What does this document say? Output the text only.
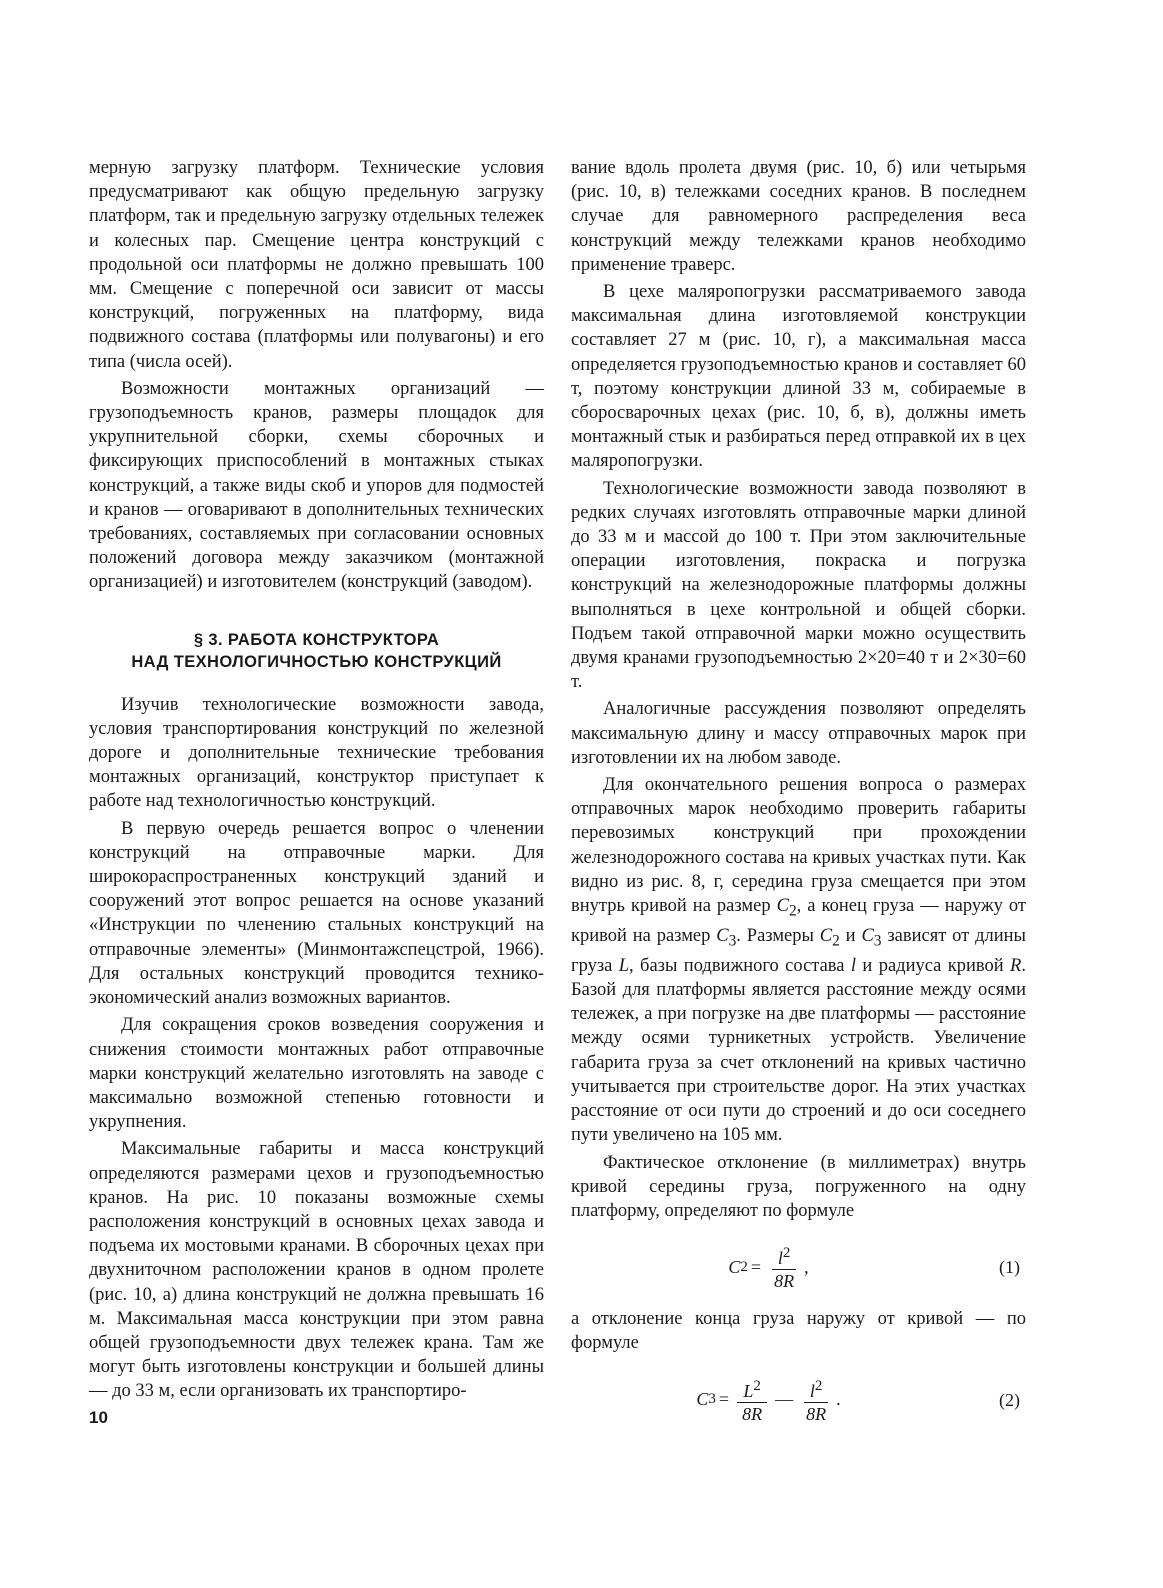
мерную загрузку платформ. Технические условия предусматривают как общую предельную загрузку платформ, так и предельную загрузку отдельных тележек и колесных пар. Смещение центра конструкций с продольной оси платформы не должно превышать 100 мм. Смещение с поперечной оси зависит от массы конструкций, погруженных на платформу, вида подвижного состава (платформы или полувагоны) и его типа (числа осей).

Возможности монтажных организаций — грузоподъемность кранов, размеры площадок для укрупнительной сборки, схемы сборочных и фиксирующих приспособлений в монтажных стыках конструкций, а также виды скоб и упоров для подмостей и кранов — оговаривают в дополнительных технических требованиях, составляемых при согласовании основных положений договора между заказчиком (монтажной организацией) и изготовителем (конструкций (заводом).

§ 3. РАБОТА КОНСТРУКТОРА
НАД ТЕХНОЛОГИЧНОСТЬЮ КОНСТРУКЦИЙ

Изучив технологические возможности завода, условия транспортирования конструкций по железной дороге и дополнительные технические требования монтажных организаций, конструктор приступает к работе над технологичностью конструкций.

В первую очередь решается вопрос о членении конструкций на отправочные марки. Для широкораспространенных конструкций зданий и сооружений этот вопрос решается на основе указаний «Инструкции по членению стальных конструкций на отправочные элементы» (Минмонтажспецстрой, 1966). Для остальных конструкций проводится технико-экономический анализ возможных вариантов.

Для сокращения сроков возведения сооружения и снижения стоимости монтажных работ отправочные марки конструкций желательно изготовлять на заводе с максимально возможной степенью готовности и укрупнения.

Максимальные габариты и масса конструкций определяются размерами цехов и грузоподъемностью кранов. На рис. 10 показаны возможные схемы расположения конструкций в основных цехах завода и подъема их мостовыми кранами. В сборочных цехах при двухниточном расположении кранов в одном пролете (рис. 10, а) длина конструкций не должна превышать 16 м. Максимальная масса конструкции при этом равна общей грузоподъемности двух тележек крана. Там же могут быть изготовлены конструкции и большей длины — до 33 м, если организовать их транспортиро-

вание вдоль пролета двумя (рис. 10, б) или четырьмя (рис. 10, в) тележками соседних кранов. В последнем случае для равномерного распределения веса конструкций между тележками кранов необходимо применение траверс.

В цехе маляропогрузки рассматриваемого завода максимальная длина изготовляемой конструкции составляет 27 м (рис. 10, г), а максимальная масса определяется грузоподъемностью кранов и составляет 60 т, поэтому конструкции длиной 33 м, собираемые в сборосварочных цехах (рис. 10, б, в), должны иметь монтажный стык и разбираться перед отправкой их в цех маляропогрузки.

Технологические возможности завода позволяют в редких случаях изготовлять отправочные марки длиной до 33 м и массой до 100 т. При этом заключительные операции изготовления, покраска и погрузка конструкций на железнодорожные платформы должны выполняться в цехе контрольной и общей сборки. Подъем такой отправочной марки можно осуществить двумя кранами грузоподъемностью 2×20=40 т и 2×30=60 т.

Аналогичные рассуждения позволяют определять максимальную длину и массу отправочных марок при изготовлении их на любом заводе.

Для окончательного решения вопроса о размерах отправочных марок необходимо проверить габариты перевозимых конструкций при прохождении железнодорожного состава на кривых участках пути. Как видно из рис. 8, г, середина груза смещается при этом внутрь кривой на размер $C_2$, а конец груза — наружу от кривой на размер $C_3$. Размеры $C_2$ и $C_3$ зависят от длины груза L, базы подвижного состава l и радиуса кривой R. Базой для платформы является расстояние между осями тележек, а при погрузке на две платформы — расстояние между осями турникетных устройств. Увеличение габарита груза за счет отклонений на кривых частично учитывается при строительстве дорог. На этих участках расстояние от оси пути до строений и до оси соседнего пути увеличено на 105 мм.

Фактическое отклонение (в миллиметрах) внутрь кривой середины груза, погруженного на одну платформу, определяют по формуле

C $2 = \frac{l^2}{8R}$ ,	(1)

а отклонение конца груза наружу от кривой — по формуле

C $3 = \frac{L^2}{8R}$ — $\frac{l^2}{8R}$ .	(2)
10
